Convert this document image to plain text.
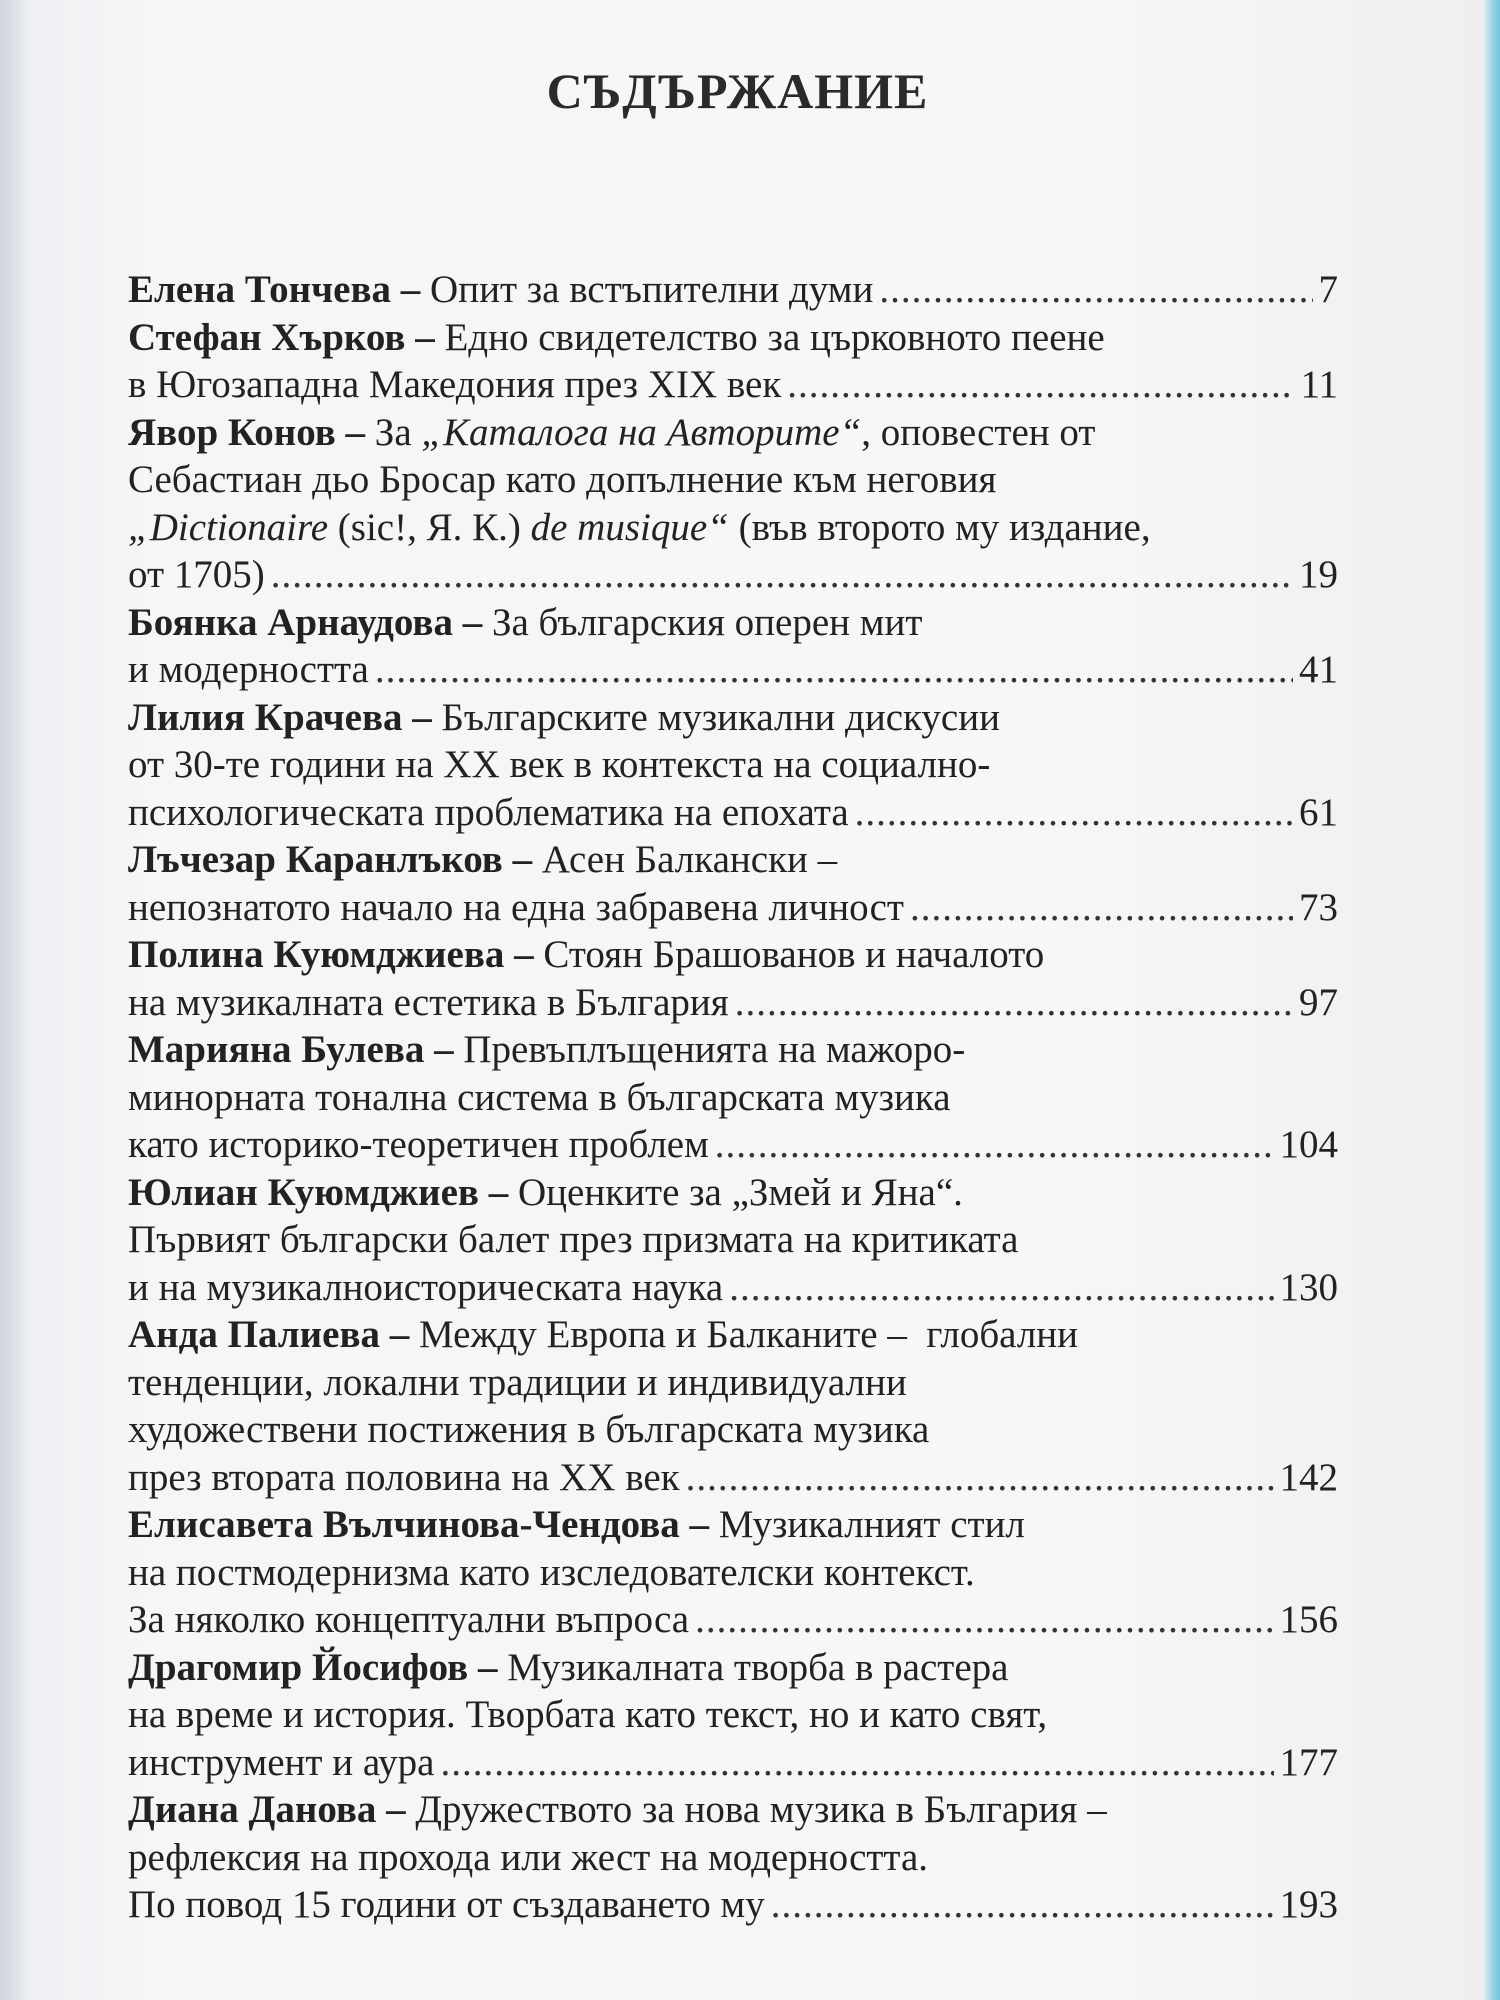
СЪДЪРЖАНИЕ
Елена Тончева – Опит за встъпителни думи .....	7
Стефан Хърков – Едно свидетелство за църковното пеене
в Югозападна Македония през XIX век .....	11
Явор Конов – За „Каталога на Авторите“, оповестен от
Себастиан дьо Бросар като допълнение към неговия
„Dictionaire (sic!, Я. К.) de musique“ (във второто му издание,
от 1705) .....	19
Боянка Арнаудова – За българския оперен мит
и модерността .....	41
Лилия Крачева – Българските музикални дискусии
от 30-те години на XX век в контекста на социално-
психологическата проблематика на епохата .....	61
Лъчезар Каранлъков – Асен Балкански –
непознатото начало на една забравена личност .....	73
Полина Куюмджиева – Стоян Брашованов и началото
на музикалната естетика в България .....	97
Марияна Булева – Превъплъщенията на мажоро-
минорната тонална система в българската музика
като историко-теоретичен проблем .....	104
Юлиан Куюмджиев – Оценките за „Змей и Яна“.
Първият български балет през призмата на критиката
и на музикалноисторическата наука .....	130
Анда Палиева – Между Европа и Балканите –  глобални
тенденции, локални традиции и индивидуални
художествени постижения в българската музика
през втората половина на XX век .....	142
Елисавета Вълчинова-Чендова – Музикалният стил
на постмодернизма като изследователски контекст.
За няколко концептуални въпроса .....	156
Драгомир Йосифов – Музикалната творба в растера
на време и история. Творбата като текст, но и като свят,
инструмент и аура .....	177
Диана Данова – Дружеството за нова музика в България –
рефлексия на прохода или жест на модерността.
По повод 15 години от създаването му .....	193
